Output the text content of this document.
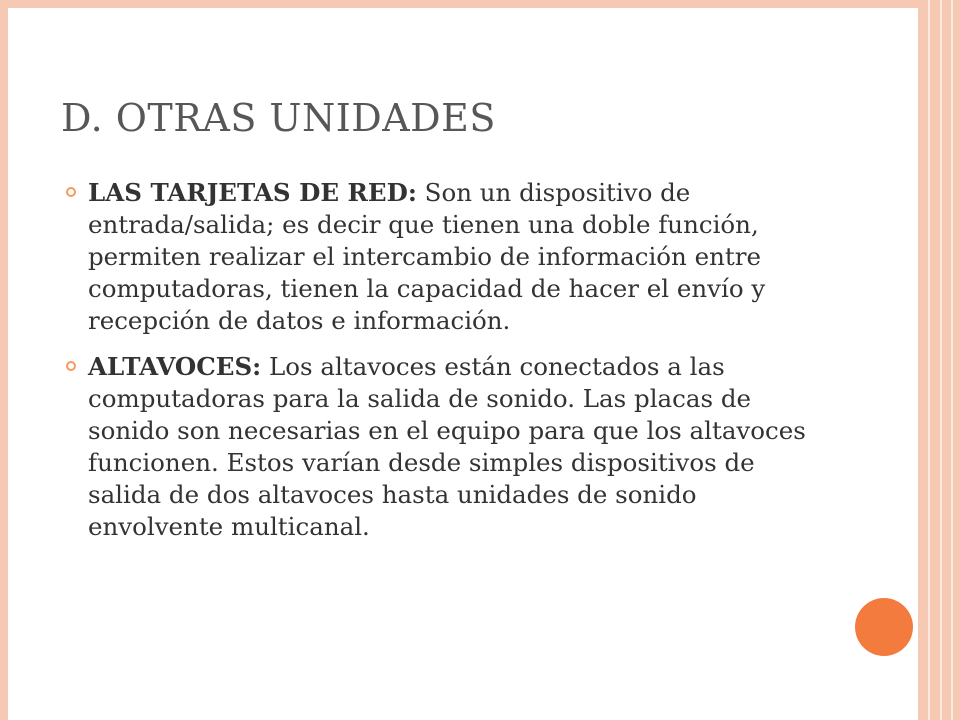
D. OTRAS UNIDADES
LAS TARJETAS DE RED: Son un dispositivo de entrada/salida; es decir que tienen una doble función, permiten realizar el intercambio de información entre computadoras, tienen la capacidad de hacer el envío y recepción de datos e información.
ALTAVOCES: Los altavoces están conectados a las computadoras para la salida de sonido. Las placas de sonido son necesarias en el equipo para que los altavoces funcionen. Estos varían desde simples dispositivos de salida de dos altavoces hasta unidades de sonido envolvente multicanal.
